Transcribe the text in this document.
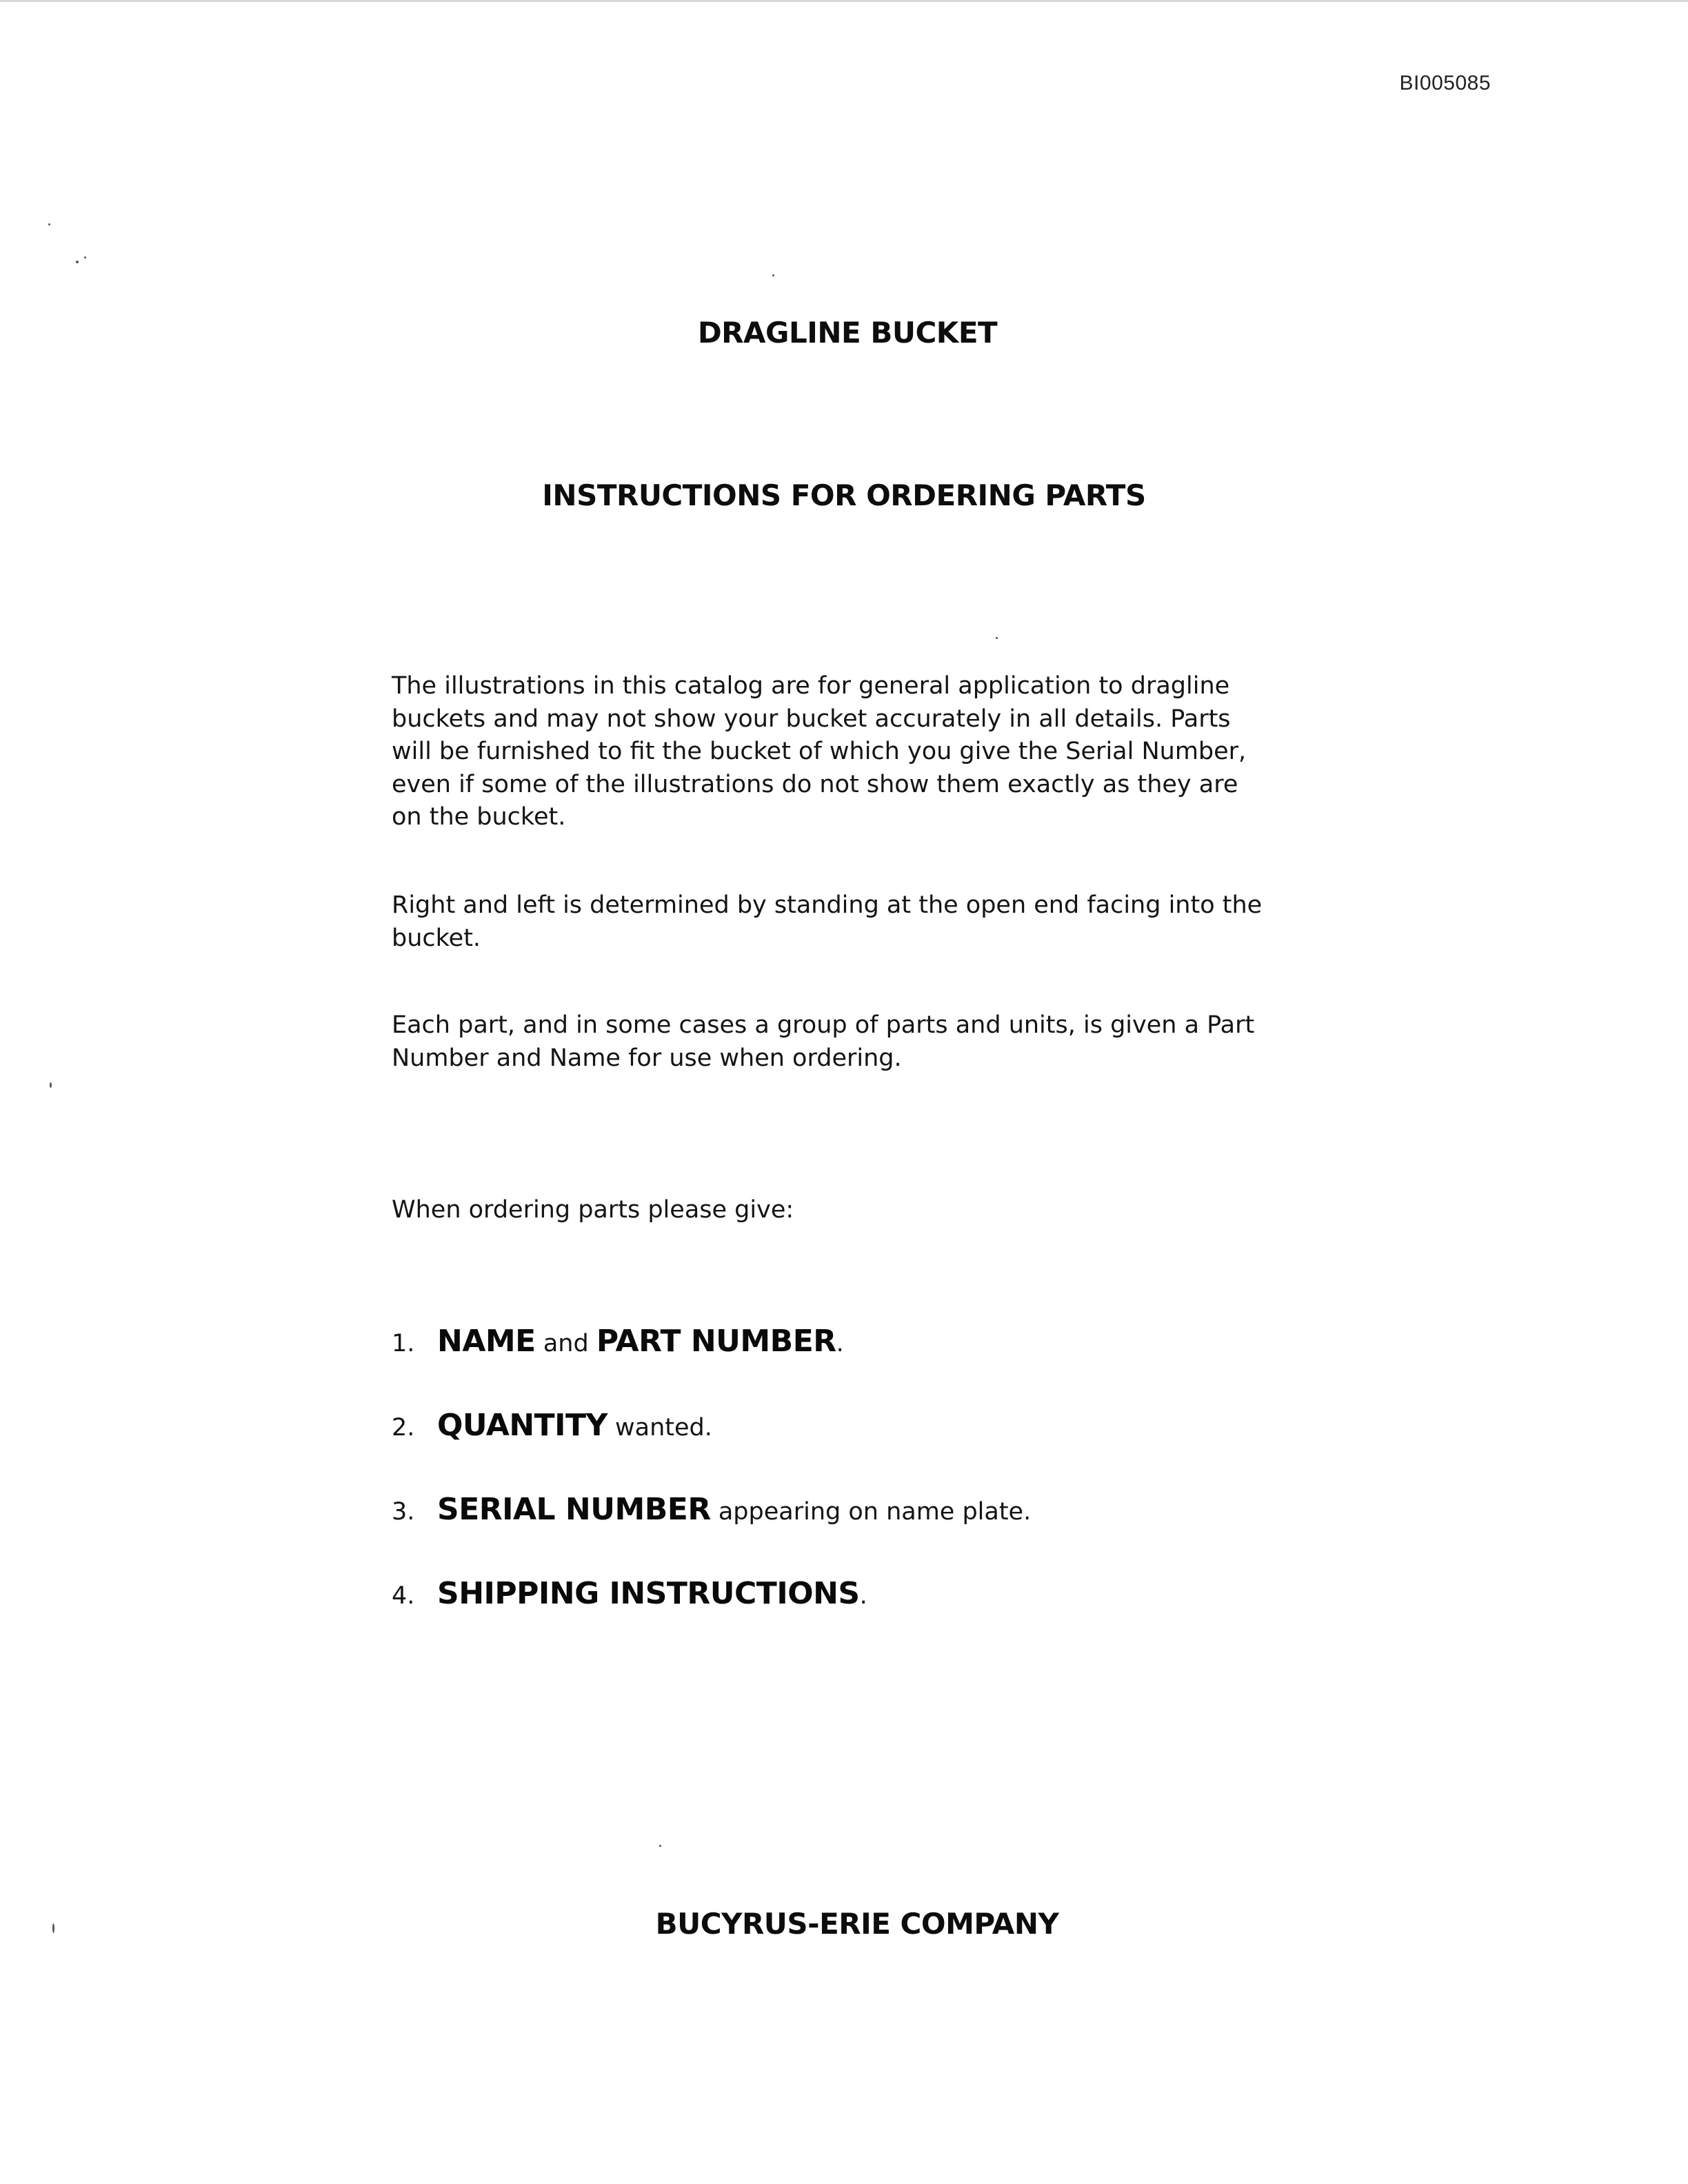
BI005085
DRAGLINE BUCKET
INSTRUCTIONS FOR ORDERING PARTS
The illustrations in this catalog are for general application to dragline
buckets and may not show your bucket accurately in all details. Parts
will be furnished to fit the bucket of which you give the Serial Number,
even if some of the illustrations do not show them exactly as they are
on the bucket.
Right and left is determined by standing at the open end facing into the
bucket.
Each part, and in some cases a group of parts and units, is given a Part
Number and Name for use when ordering.
When ordering parts please give:
1. NAME and PART NUMBER.
2. QUANTITY wanted.
3. SERIAL NUMBER appearing on name plate.
4. SHIPPING INSTRUCTIONS.
BUCYRUS-ERIE COMPANY
